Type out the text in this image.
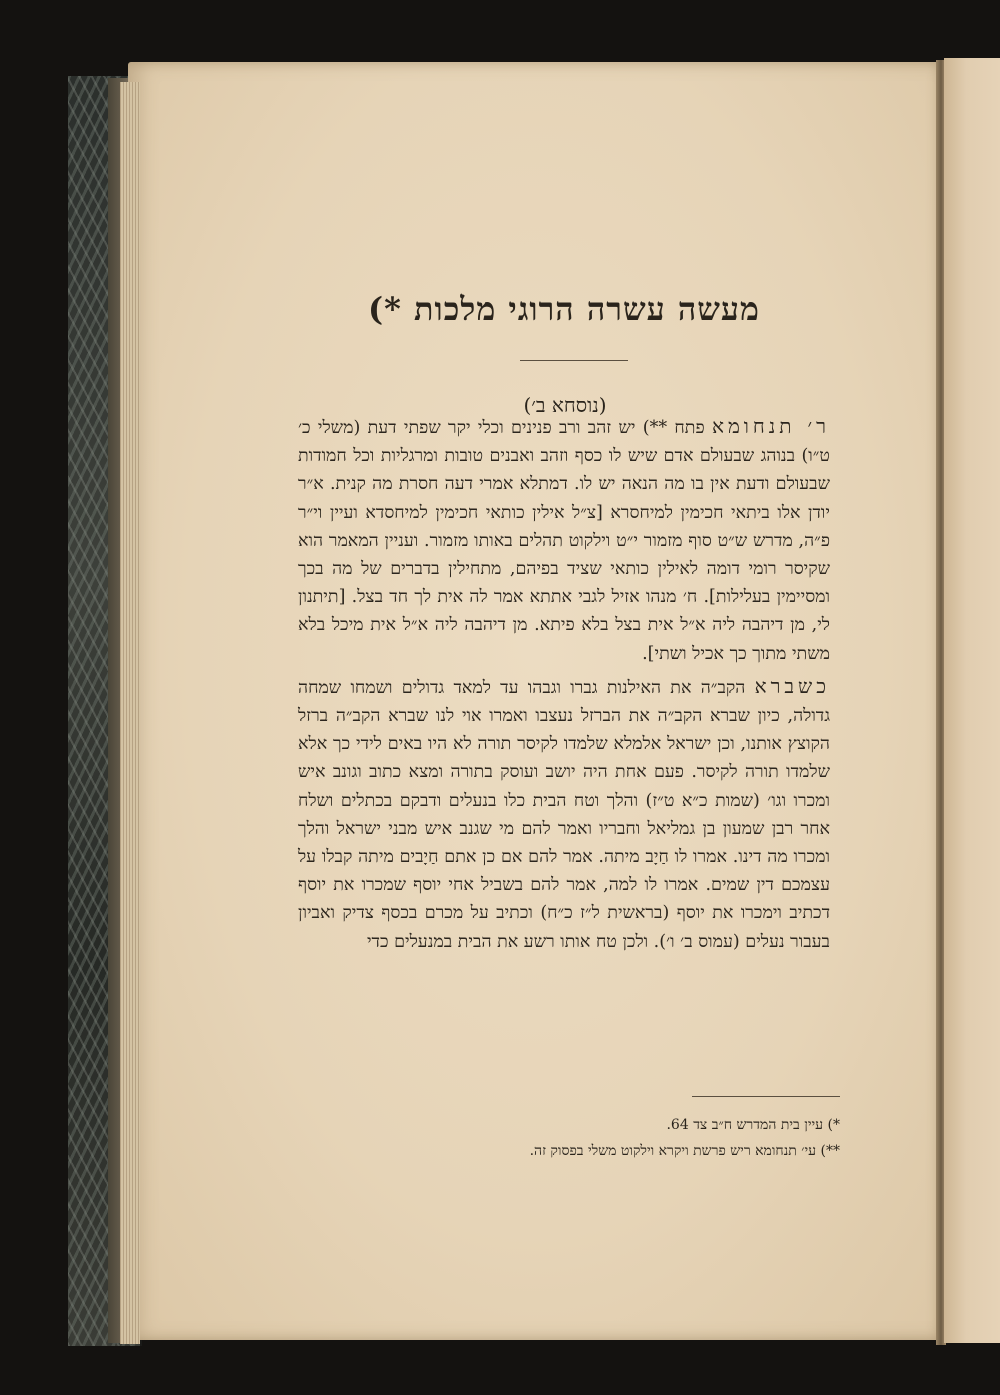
מעשה עשרה הרוגי מלכות *)
(נוסחא ב׳)

ר׳ תנחומא פתח **) יש זהב ורב פנינים וכלי יקר שפתי דעת (משלי כ׳ ט״ו) בנוהג שבעולם אדם שיש לו כסף וזהב ואבנים טובות ומרגליות וכל חמודות שבעולם ודעת אין בו מה הנאה יש לו. דמתלא אמרי דעה חסרת מה קנית. א״ר יודן אלו ביתאי חכימין למיחסרא [צ״ל אילין כותאי חכימין למיחסדא ועיין וי״ר פ״ה, מדרש ש״ט סוף מזמור י״ט וילקוט תהלים באותו מזמור. ועניין המאמר הוא שקיסר רומי דומה לאילין כותאי שציד בפיהם, מתחילין בדברים של מה בכך ומסיימין בעלילות]. ח׳ מנהו אזיל לגבי אתתא אמר לה אית לך חד בצל. [תיתנון לי, מן דיהבה ליה א״ל אית בצל בלא פיתא. מן דיהבה ליה א״ל אית מיכל בלא משתי מתוך כך אכיל ושתי].

כשברא הקב״ה את האילנות גברו וגבהו עד למאד גדולים ושמחו שמחה גדולה, כיון שברא הקב״ה את הברזל נעצבו ואמרו אוי לנו שברא הקב״ה ברזל הקוצץ אותנו, וכן ישראל אלמלא שלמדו לקיסר תורה לא היו באים לידי כך אלא שלמדו תורה לקיסר. פעם אחת היה יושב ועוסק בתורה ומצא כתוב וגונב איש ומכרו וגו׳ (שמות כ״א ט״ז) והלך וטח הבית כלו בנעלים ודבקם בכתלים ושלח אחר רבן שמעון בן גמליאל וחבריו ואמר להם מי שגנב איש מבני ישראל והלך ומכרו מה דינו. אמרו לו חַיָב מיתה. אמר להם אם כן אתם חַיָבים מיתה קבלו על עצמכם דין שמים. אמרו לו למה, אמר להם בשביל אחי יוסף שמכרו את יוסף דכתיב וימכרו את יוסף (בראשית ל״ז כ״ח) וכתיב על מכרם בכסף צדיק ואביון בעבור נעלים (עמוס ב׳ ו׳). ולכן טח אותו רשע את הבית במנעלים כדי

*) עיין בית המדרש ח״ב צד 64.
**) עי׳ תנחומא ריש פרשת ויקרא וילקוט משלי בפסוק זה.
